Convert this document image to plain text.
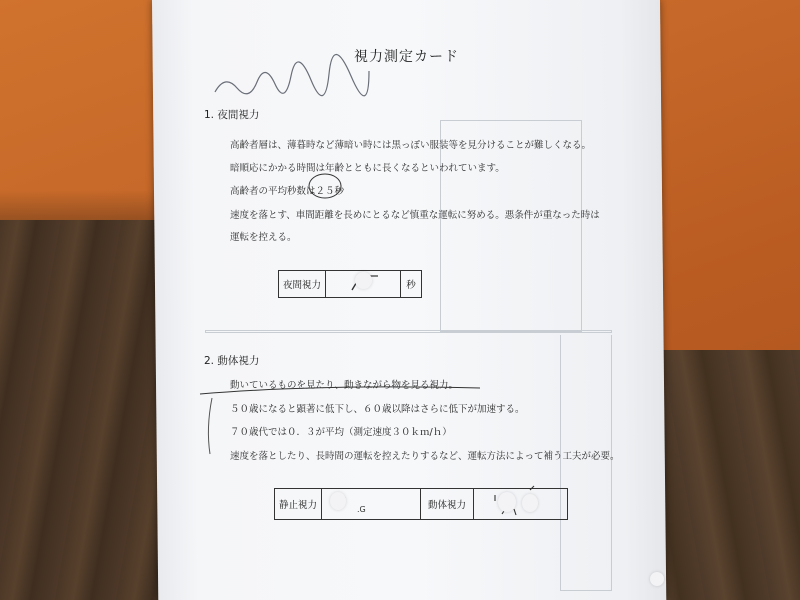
視力測定カード
1. 夜間視力
高齢者層は、薄暮時など薄暗い時には黒っぽい服装等を見分けることが難しくなる。
暗順応にかかる時間は年齢とともに長くなるといわれています。
高齢者の平均秒数は２５秒
速度を落とす、車間距離を長めにとるなど慎重な運転に努める。悪条件が重なった時は
運転を控える。
夜間視力	秒
2. 動体視力
動いているものを見たり、動きながら物を見る視力。
５０歳になると顕著に低下し、６０歳以降はさらに低下が加速する。
７０歳代では０．３が平均（測定速度３０ｋｍ/ｈ）
速度を落としたり、長時間の運転を控えたりするなど、運転方法によって補う工夫が必要。
静止視力	動体視力
.G
